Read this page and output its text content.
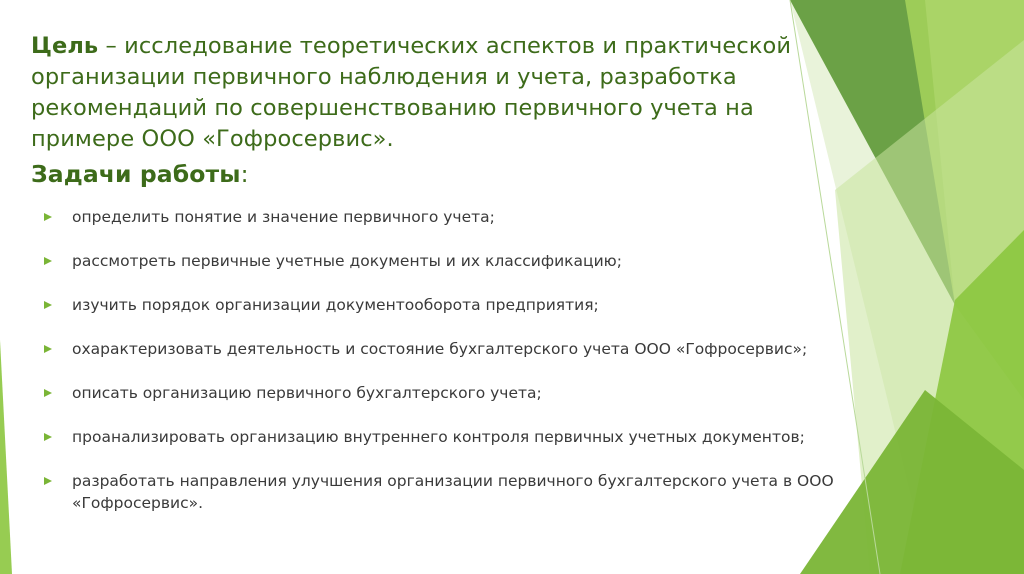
Цель – исследование теоретических аспектов и практической организации первичного наблюдения и учета, разработка рекомендаций по совершенствованию первичного учета на примере ООО «Гофросервис».
Задачи работы:
определить понятие и значение первичного учета;
рассмотреть первичные учетные документы и их классификацию;
изучить порядок организации документооборота предприятия;
охарактеризовать деятельность и состояние бухгалтерского учета ООО «Гофросервис»;
описать организацию первичного бухгалтерского учета;
проанализировать организацию внутреннего контроля первичных учетных документов;
разработать направления улучшения организации первичного бухгалтерского учета в ООО «Гофросервис».
